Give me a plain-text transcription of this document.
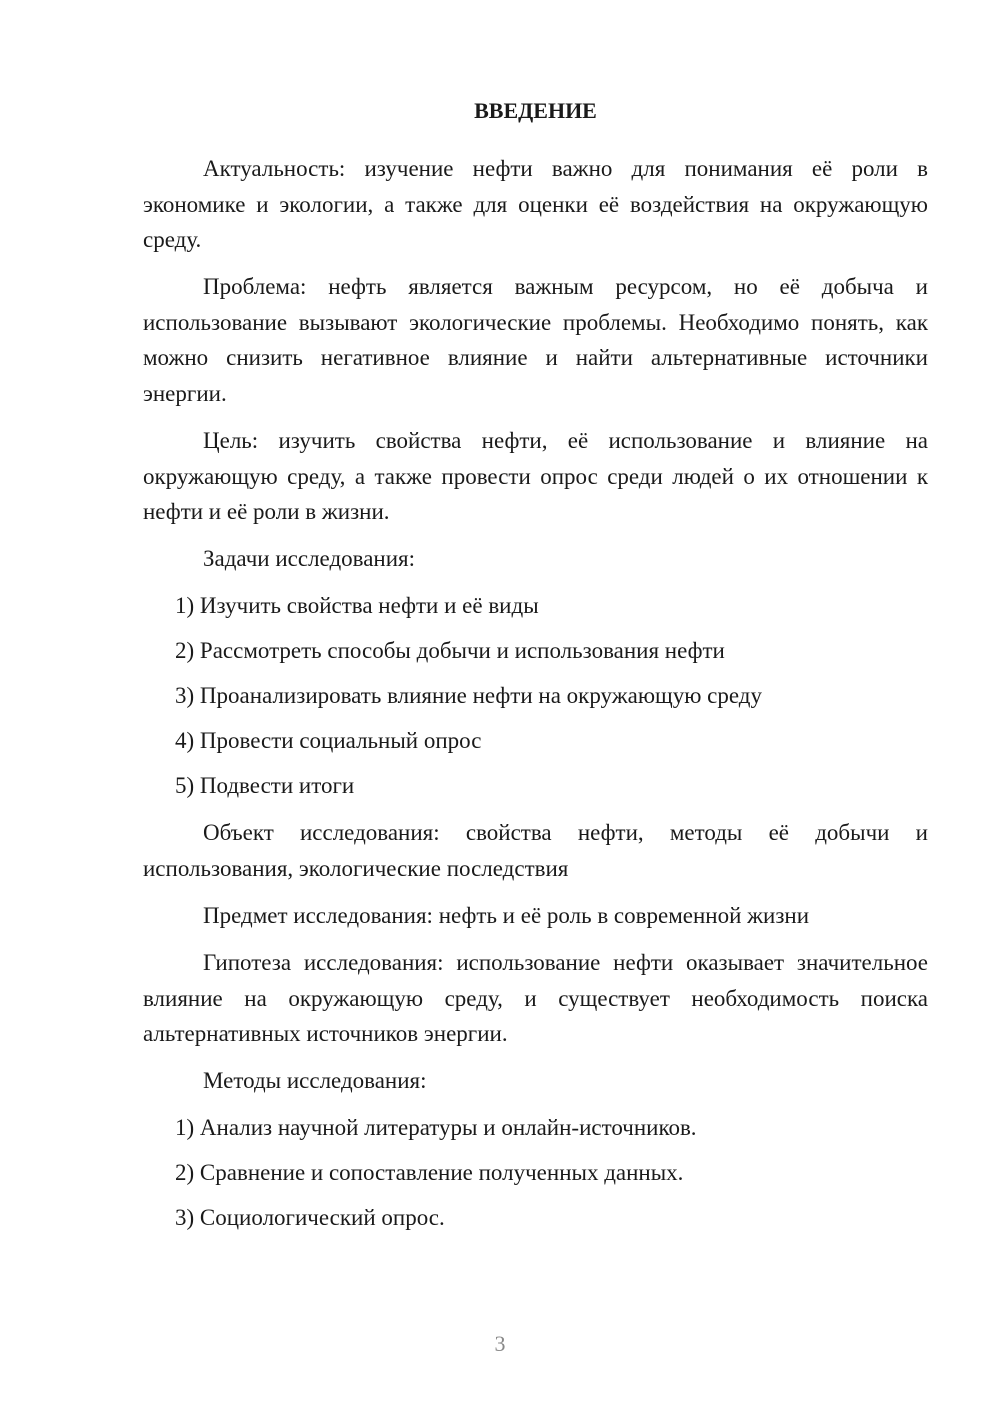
ВВЕДЕНИЕ

Актуальность: изучение нефти важно для понимания её роли в экономике и экологии, а также для оценки её воздействия на окружающую среду.

Проблема: нефть является важным ресурсом, но её добыча и использование вызывают экологические проблемы. Необходимо понять, как можно снизить негативное влияние и найти альтернативные источники энергии.

Цель: изучить свойства нефти, её использование и влияние на окружающую среду, а также провести опрос среди людей о их отношении к нефти и её роли в жизни.

Задачи исследования:

1) Изучить свойства нефти и её виды
2) Рассмотреть способы добычи и использования нефти
3) Проанализировать влияние нефти на окружающую среду
4) Провести социальный опрос
5) Подвести итоги

Объект исследования: свойства нефти, методы её добычи и использования, экологические последствия

Предмет исследования: нефть и её роль в современной жизни

Гипотеза исследования: использование нефти оказывает значительное влияние на окружающую среду, и существует необходимость поиска альтернативных источников энергии.

Методы исследования:

1) Анализ научной литературы и онлайн-источников.
2) Сравнение и сопоставление полученных данных.
3) Социологический опрос.
3
